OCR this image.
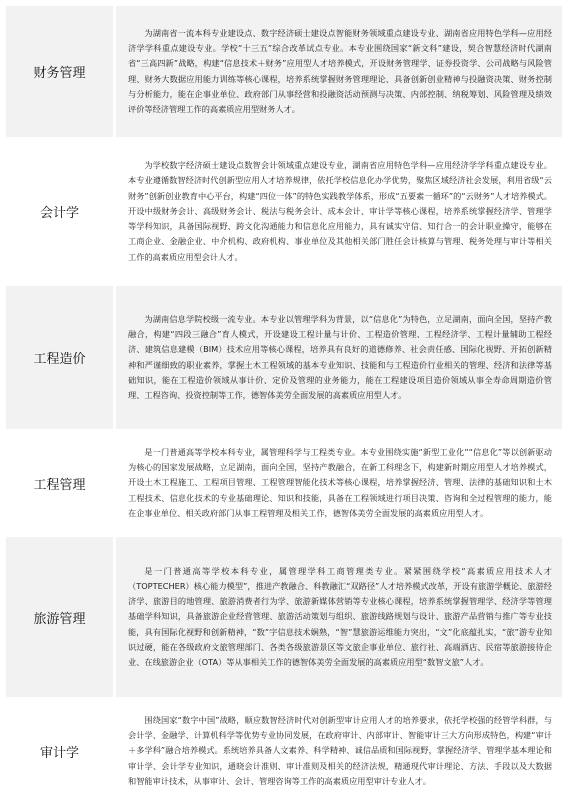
财务管理
为湖南省一流本科专业建设点、数字经济硕士建设点智能财务领域重点建设专业、湖南省应用特色学科—应用经济学学科重点建设专业。学校“十三五”综合改革试点专业。本专业围绕国家“新文科”建设，契合智慧经济时代湖南省“三高四新”战略，构建“信息技术＋财务”应用型人才培养模式，开设财务管理学、证券投资学、公司战略与风险管理、财务大数据应用能力训练等核心课程，培养系统掌握财务管理理论、具备创新创业精神与投融资决策、财务控制与分析能力，能在企事业单位、政府部门从事经营和投融资活动预测与决策、内部控制、纳税筹划、风险管理及绩效评价等经济管理工作的高素质应用型财务人才。
会计学
为学校数字经济硕士建设点数智会计领域重点建设专业，湖南省应用特色学科—应用经济学学科重点建设专业。本专业遵循数智经济时代创新型应用人才培养规律，依托学校信息化办学优势，聚焦区域经济社会发展，利用省级“云财务”创新创业教育中心平台，构建“四位一体”的特色实践教学体系，形成“五要素一循环”的“云财务”人才培养模式。开设中级财务会计、高级财务会计、税法与税务会计、成本会计、审计学等核心课程，培养系统掌握经济学、管理学等学科知识，具备国际视野、跨文化沟通能力和信息化应用能力，具有诚实守信、知行合一的会计职业操守，能够在工商企业、金融企业、中介机构、政府机构、事业单位及其他相关部门胜任会计核算与管理、税务处理与审计等相关工作的高素质应用型会计人才。
工程造价
为湖南信息学院校级一流专业。本专业以管理学科为背景，以“信息化”为特色，立足湖南，面向全国，坚持产教融合，构建“四段三融合”育人模式，开设建设工程计量与计价、工程造价管理、工程经济学、工程计量辅助工程经济、建筑信息建模（BIM）技术应用等核心课程，培养具有良好的道德修养、社会责任感、国际化视野、开拓创新精神和严谨细致的职业素养，掌握土木工程领域的基本专业知识、技能和与工程造价行业相关的管理、经济和法律等基础知识，能在工程造价领域从事计价、定价及管理的业务能力，能在工程建设项目造价领域从事全寿命周期造价管理、工程咨询、投资控制等工作，德智体美劳全面发展的高素质应用型人才。
工程管理
是一门普通高等学校本科专业，属管理科学与工程类专业。本专业围绕实施“新型工业化”“信息化”等以创新驱动为核心的国家发展战略，立足湖南，面向全国，坚持产教融合，在新工科理念下，构建新时期应用型人才培养模式，开设土木工程施工、工程项目管理、工程管理智能化技术等核心课程，培养掌握经济、管理、法律的基础知识和土木工程技术、信息化技术的专业基础理论、知识和技能，具备在工程领域进行项目决策、咨询和全过程管理的能力，能在企事业单位、相关政府部门从事工程管理及相关工作，德智体美劳全面发展的高素质应用型人才。
旅游管理
是一门普通高等学校本科专业，属管理学科工商管理类专业。紧紧围绕学校“高素质应用技术人才（TOPTECHER）核心能力模型”，推进产教融合、科教融汇“双路径”人才培养模式改革，开设有旅游学概论、旅游经济学、旅游目的地管理、旅游消费者行为学、旅游新媒体营销等专业核心课程，培养系统掌握管理学、经济学等管理基础学科知识，具备旅游企业经营管理、旅游活动策划与组织、旅游线路规划与设计、旅游产品营销与推广等专业技能，具有国际化视野和创新精神，“数”字信息技术娴熟，“智”慧旅游运维能力突出，“文”化底蕴扎实，“旅”游专业知识过硬，能在各级政府文旅管理部门、各类各级旅游景区等文旅企事业单位、旅行社、高端酒店、民宿等旅游接待企业、在线旅游企业（OTA）等从事相关工作的德智体美劳全面发展的高素质应用型“数智文旅”人才。
审计学
围绕国家“数字中国”战略，顺应数智经济时代对创新型审计应用人才的培养要求，依托学校强的经管学科群，与会计学、金融学、计算机科学等优势专业协同发展，在政府审计、内部审计、智能审计三大方向形成特色，构建“审计＋多学科”融合培养模式。系统培养具备人文素养、科学精神、诚信品质和国际视野，掌握经济学、管理学基本理论和审计学、会计学专业知识，通晓会计准则、审计准则及相关的经济法规，精通现代审计理论、方法、手段以及大数据和智能审计技术，从事审计、会计、管理咨询等工作的高素质应用型审计专业人才。
